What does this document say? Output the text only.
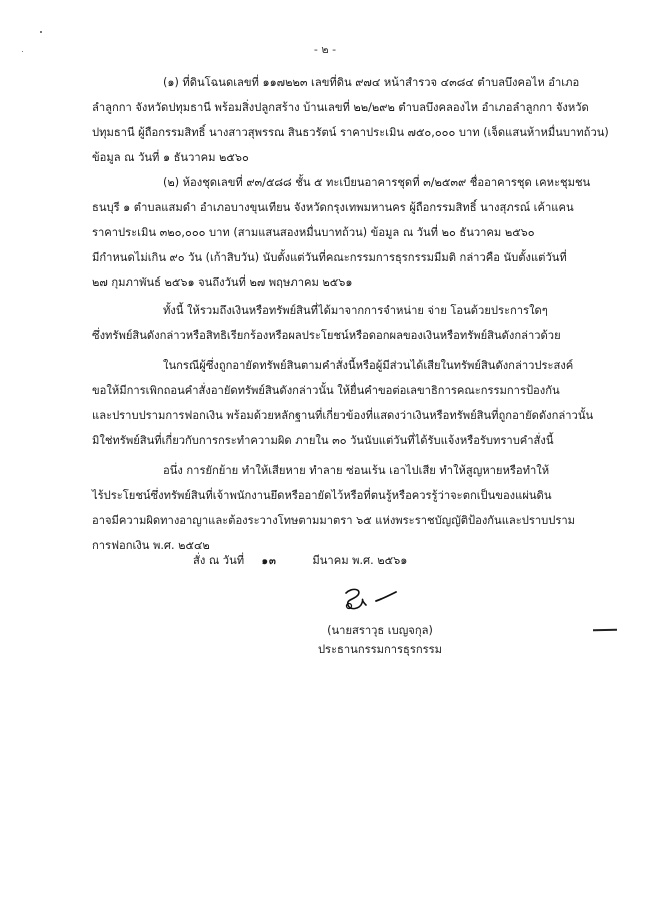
- ๒ -
(๑) ที่ดินโฉนดเลขที่ ๑๑๗๒๒๓ เลขที่ดิน ๙๗๔ หน้าสำรวจ ๔๓๘๔ ตำบลบึงคอไห อำเภอ
ลำลูกกา จังหวัดปทุมธานี พร้อมสิ่งปลูกสร้าง บ้านเลขที่ ๒๒/๒๙๒ ตำบลบึงคลองไห อำเภอลำลูกกา จังหวัด
ปทุมธานี ผู้ถือกรรมสิทธิ์ นางสาวสุพรรณ สินธวรัตน์ ราคาประเมิน ๗๕๐,๐๐๐ บาท (เจ็ดแสนห้าหมื่นบาทถ้วน)
ข้อมูล ณ วันที่ ๑ ธันวาคม ๒๕๖๐
(๒) ห้องชุดเลขที่ ๙๓/๕๘๘ ชั้น ๕ ทะเบียนอาคารชุดที่ ๓/๒๕๓๙ ชื่ออาคารชุด เคหะชุมชน
ธนบุรี ๑ ตำบลแสมดำ อำเภอบางขุนเทียน จังหวัดกรุงเทพมหานคร ผู้ถือกรรมสิทธิ์ นางสุภรณ์ เค้าแคน
ราคาประเมิน ๓๒๐,๐๐๐ บาท (สามแสนสองหมื่นบาทถ้วน) ข้อมูล ณ วันที่ ๒๐ ธันวาคม ๒๕๖๐
มีกำหนดไม่เกิน ๙๐ วัน (เก้าสิบวัน) นับตั้งแต่วันที่คณะกรรมการธุรกรรมมีมติ กล่าวคือ นับตั้งแต่วันที่
๒๗ กุมภาพันธ์ ๒๕๖๑ จนถึงวันที่ ๒๗ พฤษภาคม ๒๕๖๑
ทั้งนี้ ให้รวมถึงเงินหรือทรัพย์สินที่ได้มาจากการจำหน่าย จ่าย โอนด้วยประการใดๆ
ซึ่งทรัพย์สินดังกล่าวหรือสิทธิเรียกร้องหรือผลประโยชน์หรือดอกผลของเงินหรือทรัพย์สินดังกล่าวด้วย
ในกรณีผู้ซึ่งถูกอายัดทรัพย์สินตามคำสั่งนี้หรือผู้มีส่วนได้เสียในทรัพย์สินดังกล่าวประสงค์
ขอให้มีการเพิกถอนคำสั่งอายัดทรัพย์สินดังกล่าวนั้น ให้ยื่นคำขอต่อเลขาธิการคณะกรรมการป้องกัน
และปราบปรามการฟอกเงิน พร้อมด้วยหลักฐานที่เกี่ยวข้องที่แสดงว่าเงินหรือทรัพย์สินที่ถูกอายัดดังกล่าวนั้น
มิใช่ทรัพย์สินที่เกี่ยวกับการกระทำความผิด ภายใน ๓๐ วันนับแต่วันที่ได้รับแจ้งหรือรับทราบคำสั่งนี้
อนึ่ง การยักย้าย ทำให้เสียหาย ทำลาย ซ่อนเร้น เอาไปเสีย ทำให้สูญหายหรือทำให้
ไร้ประโยชน์ซึ่งทรัพย์สินที่เจ้าพนักงานยึดหรืออายัดไว้หรือที่ตนรู้หรือควรรู้ว่าจะตกเป็นของแผ่นดิน
อาจมีความผิดทางอาญาและต้องระวางโทษตามมาตรา ๖๕ แห่งพระราชบัญญัติป้องกันและปราบปราม
การฟอกเงิน พ.ศ. ๒๕๔๒
สั่ง ณ วันที่ ๑๓	มีนาคม พ.ศ. ๒๕๖๑
(นายสราวุธ เบญจกุล)
ประธานกรรมการธุรกรรม
